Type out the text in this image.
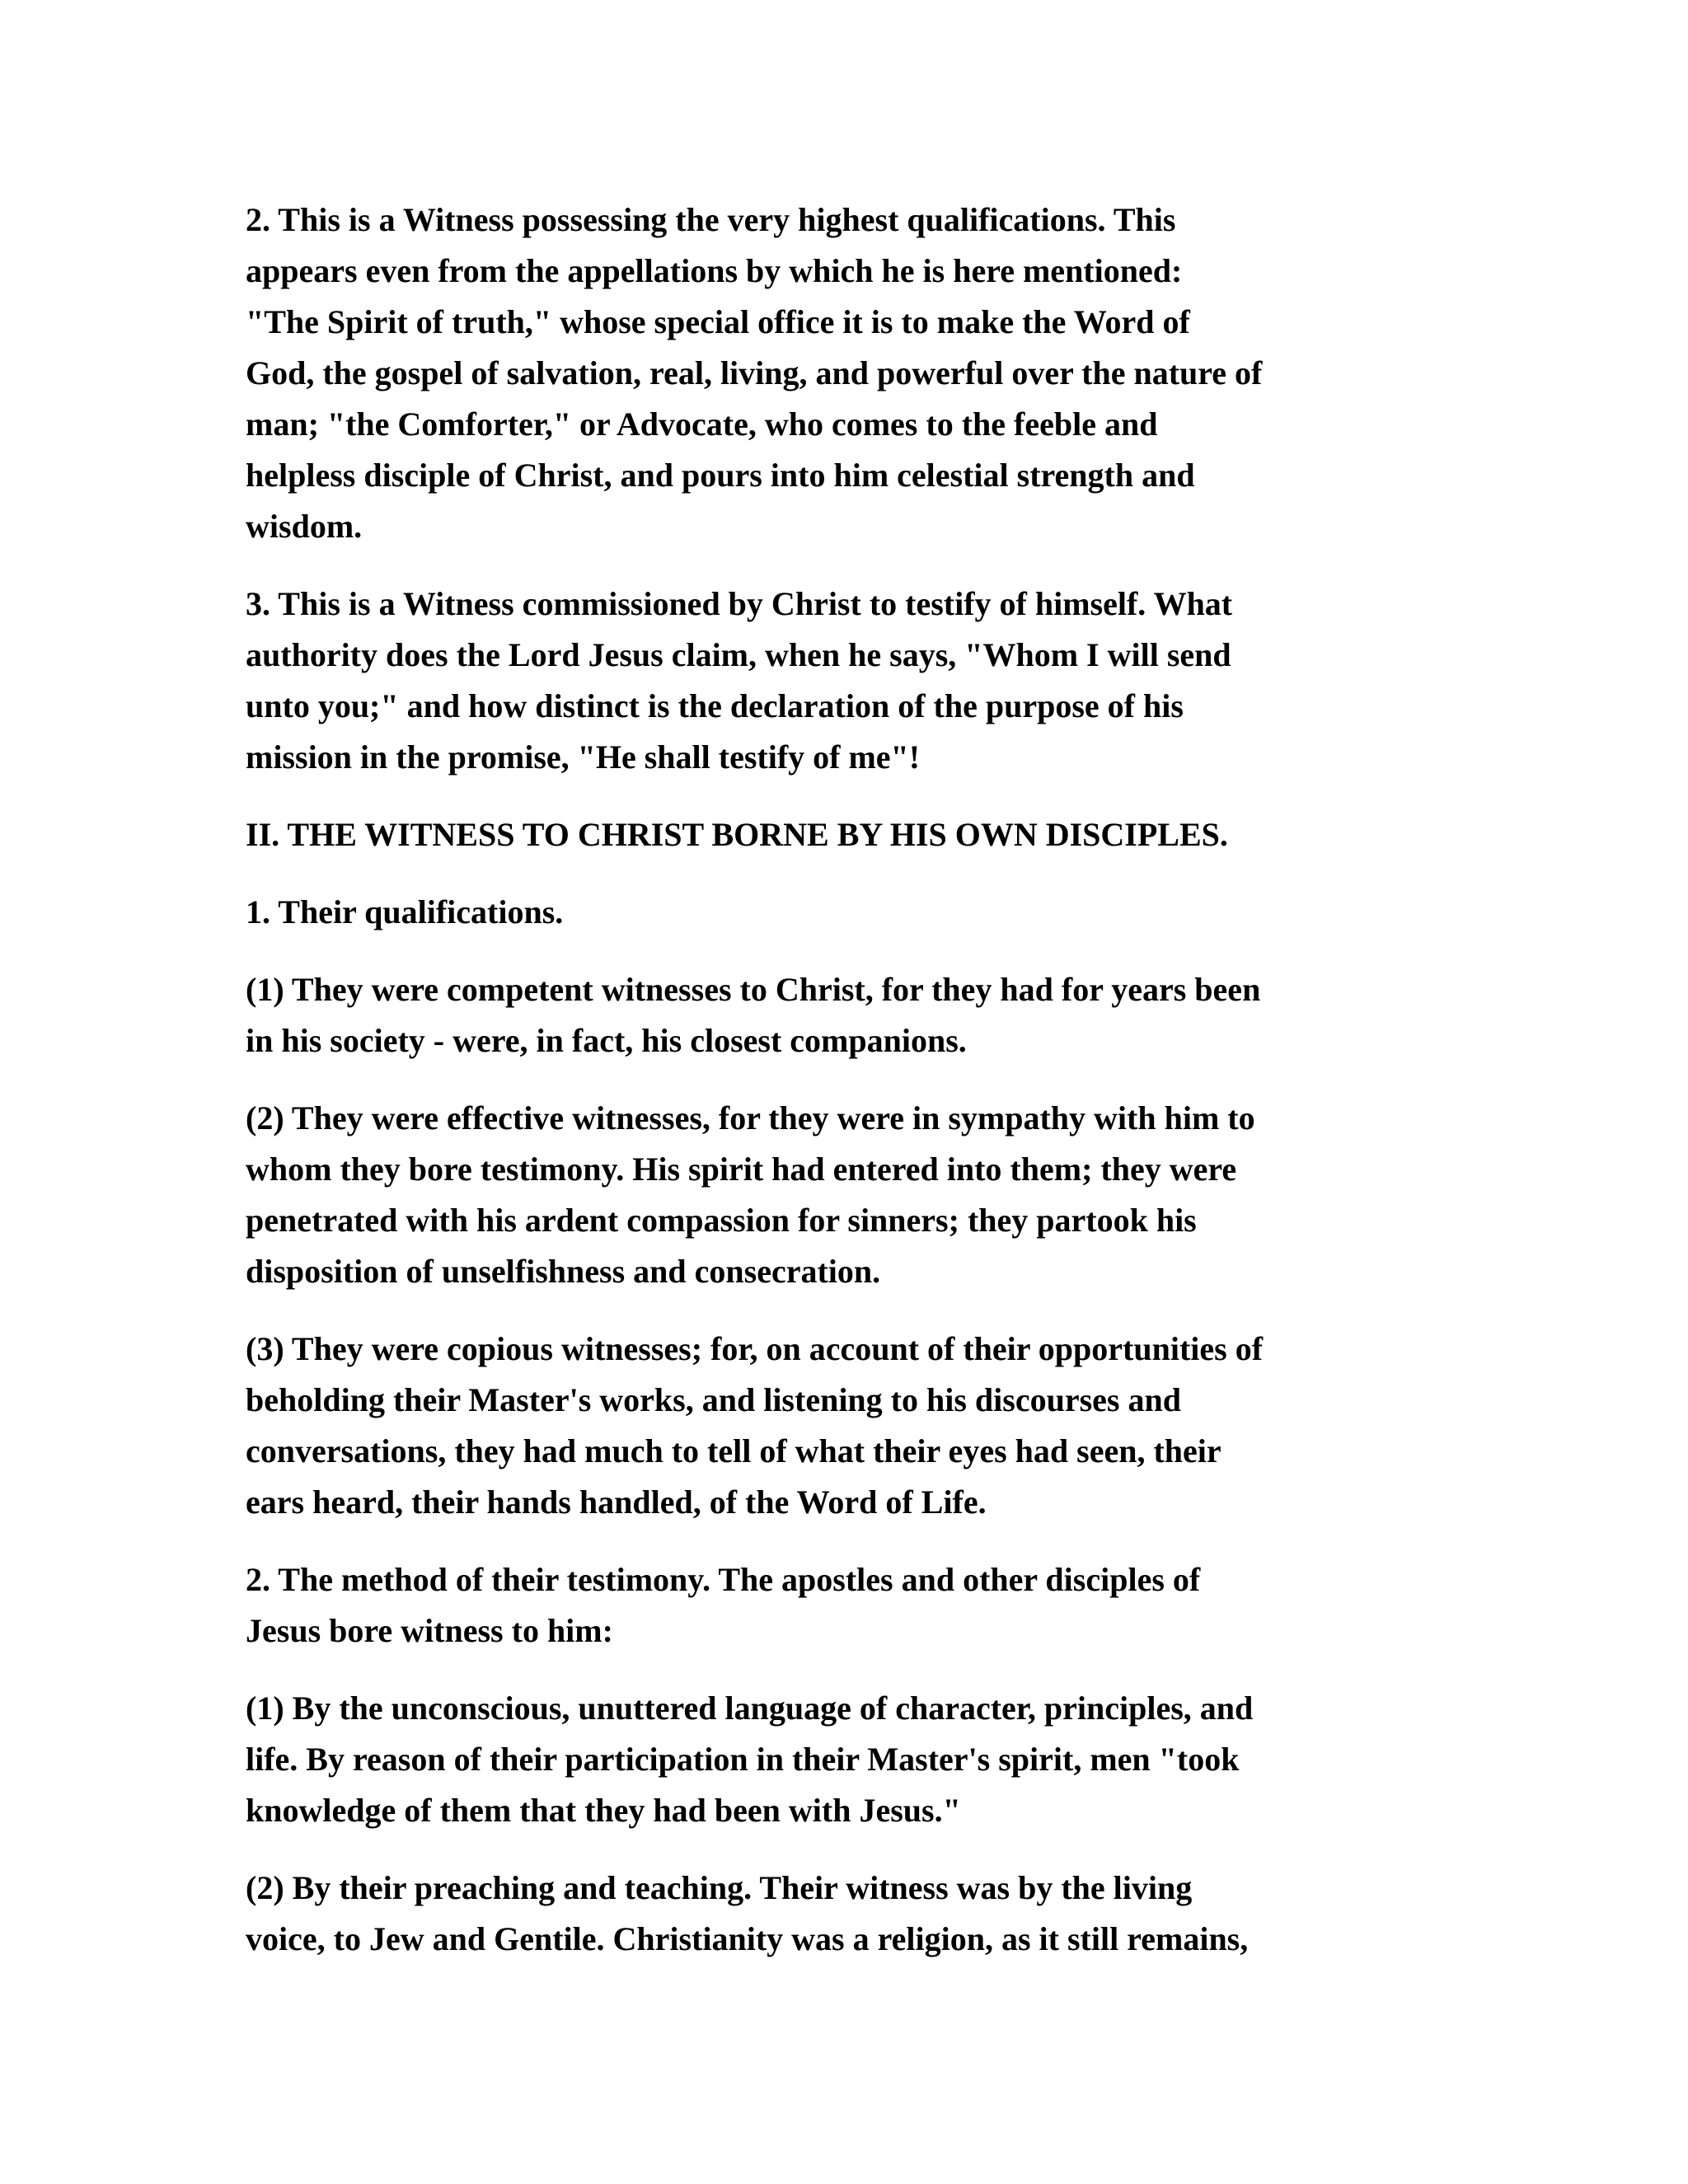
2. This is a Witness possessing the very highest qualifications. This
appears even from the appellations by which he is here mentioned:
"The Spirit of truth," whose special office it is to make the Word of
God, the gospel of salvation, real, living, and powerful over the nature of
man; "the Comforter," or Advocate, who comes to the feeble and
helpless disciple of Christ, and pours into him celestial strength and
wisdom.

3. This is a Witness commissioned by Christ to testify of himself. What
authority does the Lord Jesus claim, when he says, "Whom I will send
unto you;" and how distinct is the declaration of the purpose of his
mission in the promise, "He shall testify of me"!

II. THE WITNESS TO CHRIST BORNE BY HIS OWN DISCIPLES.

1. Their qualifications.

(1) They were competent witnesses to Christ, for they had for years been
in his society - were, in fact, his closest companions.

(2) They were effective witnesses, for they were in sympathy with him to
whom they bore testimony. His spirit had entered into them; they were
penetrated with his ardent compassion for sinners; they partook his
disposition of unselfishness and consecration.

(3) They were copious witnesses; for, on account of their opportunities of
beholding their Master's works, and listening to his discourses and
conversations, they had much to tell of what their eyes had seen, their
ears heard, their hands handled, of the Word of Life.

2. The method of their testimony. The apostles and other disciples of
Jesus bore witness to him:

(1) By the unconscious, unuttered language of character, principles, and
life. By reason of their participation in their Master's spirit, men "took
knowledge of them that they had been with Jesus."

(2) By their preaching and teaching. Their witness was by the living
voice, to Jew and Gentile. Christianity was a religion, as it still remains,
